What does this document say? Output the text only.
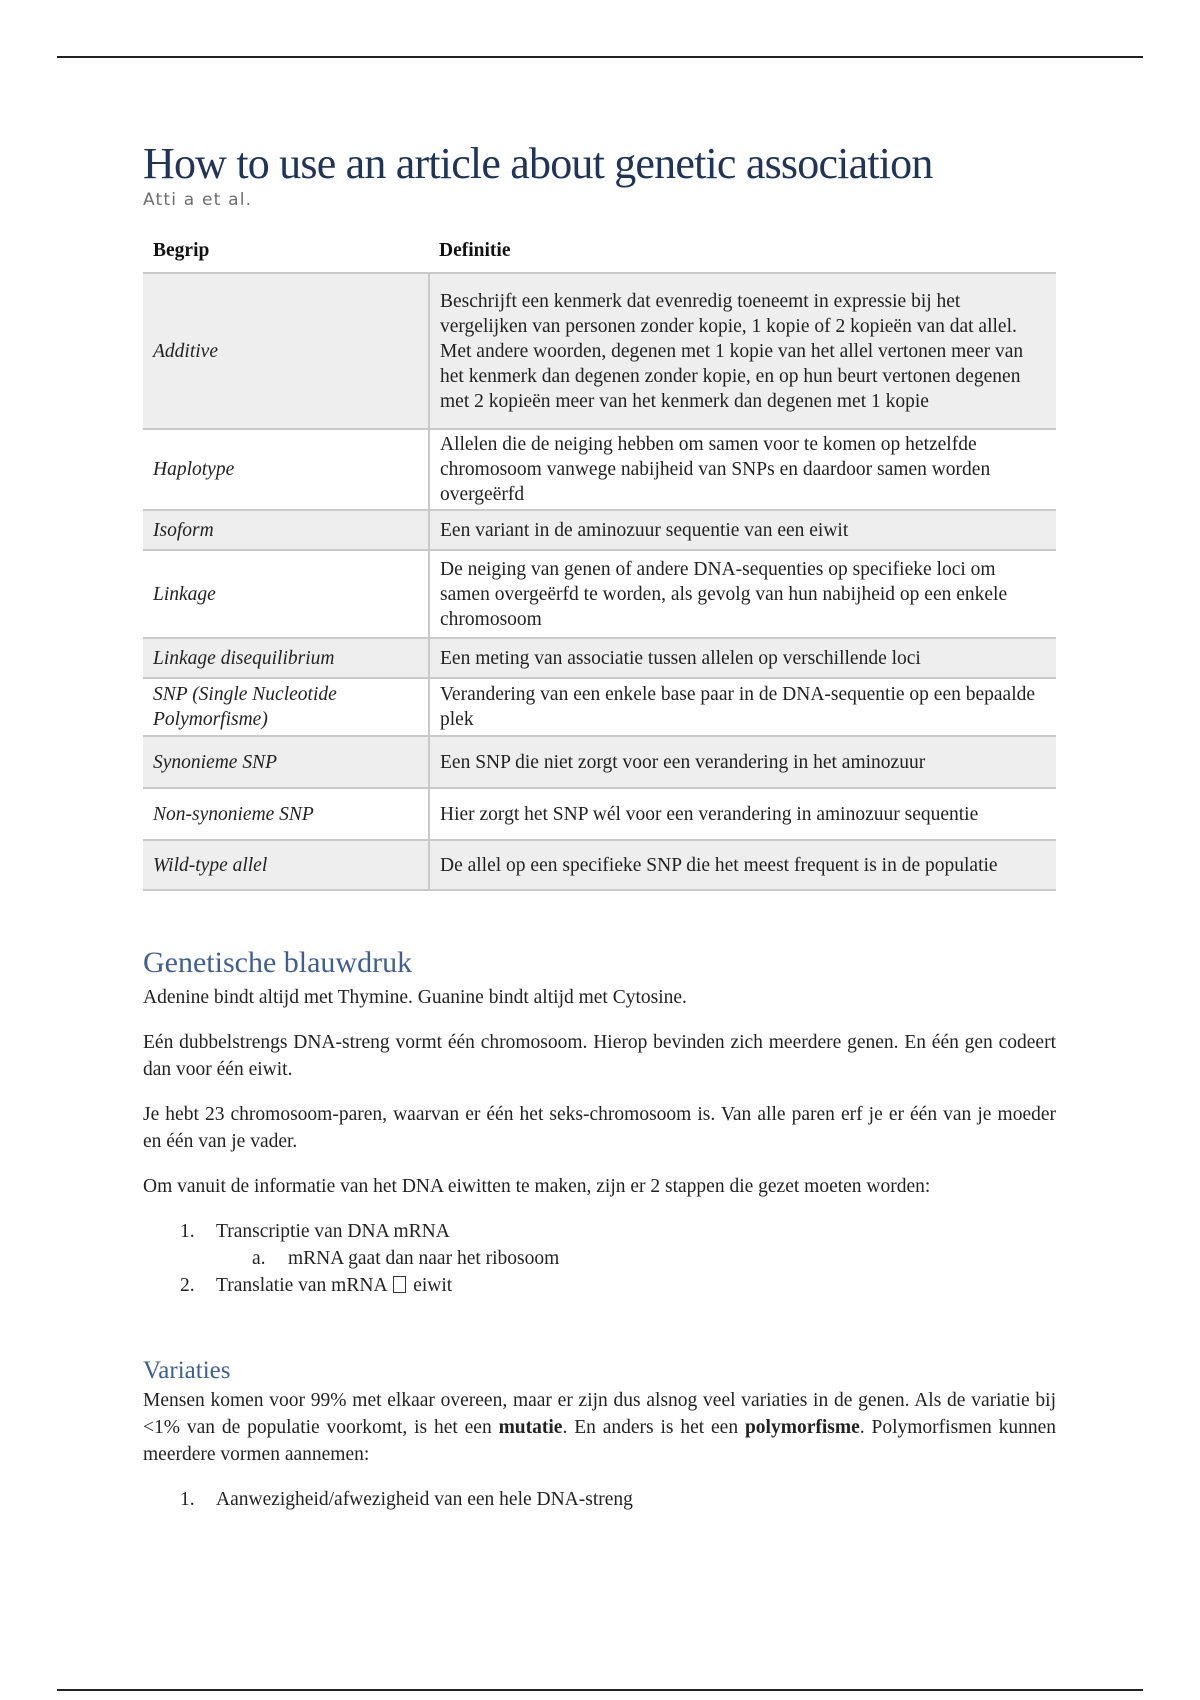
How to use an article about genetic association
Atti a et al.
Begrip	Definitie
Additive	Beschrijft een kenmerk dat evenredig toeneemt in expressie bij het vergelijken van personen zonder kopie, 1 kopie of 2 kopieën van dat allel. Met andere woorden, degenen met 1 kopie van het allel vertonen meer van het kenmerk dan degenen zonder kopie, en op hun beurt vertonen degenen met 2 kopieën meer van het kenmerk dan degenen met 1 kopie
Haplotype	Allelen die de neiging hebben om samen voor te komen op hetzelfde chromosoom vanwege nabijheid van SNPs en daardoor samen worden overgeërfd
Isoform	Een variant in de aminozuur sequentie van een eiwit
Linkage	De neiging van genen of andere DNA-sequenties op specifieke loci om samen overgeërfd te worden, als gevolg van hun nabijheid op een enkele chromosoom
Linkage disequilibrium	Een meting van associatie tussen allelen op verschillende loci
SNP (Single Nucleotide Polymorfisme)	Verandering van een enkele base paar in de DNA-sequentie op een bepaalde plek
Synonieme SNP	Een SNP die niet zorgt voor een verandering in het aminozuur
Non-synonieme SNP	Hier zorgt het SNP wél voor een verandering in aminozuur sequentie
Wild-type allel	De allel op een specifieke SNP die het meest frequent is in de populatie
Genetische blauwdruk

Adenine bindt altijd met Thymine. Guanine bindt altijd met Cytosine.

Eén dubbelstrengs DNA-streng vormt één chromosoom. Hierop bevinden zich meerdere genen. En één gen codeert dan voor één eiwit.

Je hebt 23 chromosoom-paren, waarvan er één het seks-chromosoom is. Van alle paren erf je er één van je moeder en één van je vader.

Om vanuit de informatie van het DNA eiwitten te maken, zijn er 2 stappen die gezet moeten worden:

1. Transcriptie van DNA mRNA
a. mRNA gaat dan naar het ribosoom
2. Translatie van mRNA eiwit
Variaties

Mensen komen voor 99% met elkaar overeen, maar er zijn dus alsnog veel variaties in de genen. Als de variatie bij <1% van de populatie voorkomt, is het een mutatie. En anders is het een polymorfisme. Polymorfismen kunnen meerdere vormen aannemen:

1. Aanwezigheid/afwezigheid van een hele DNA-streng
